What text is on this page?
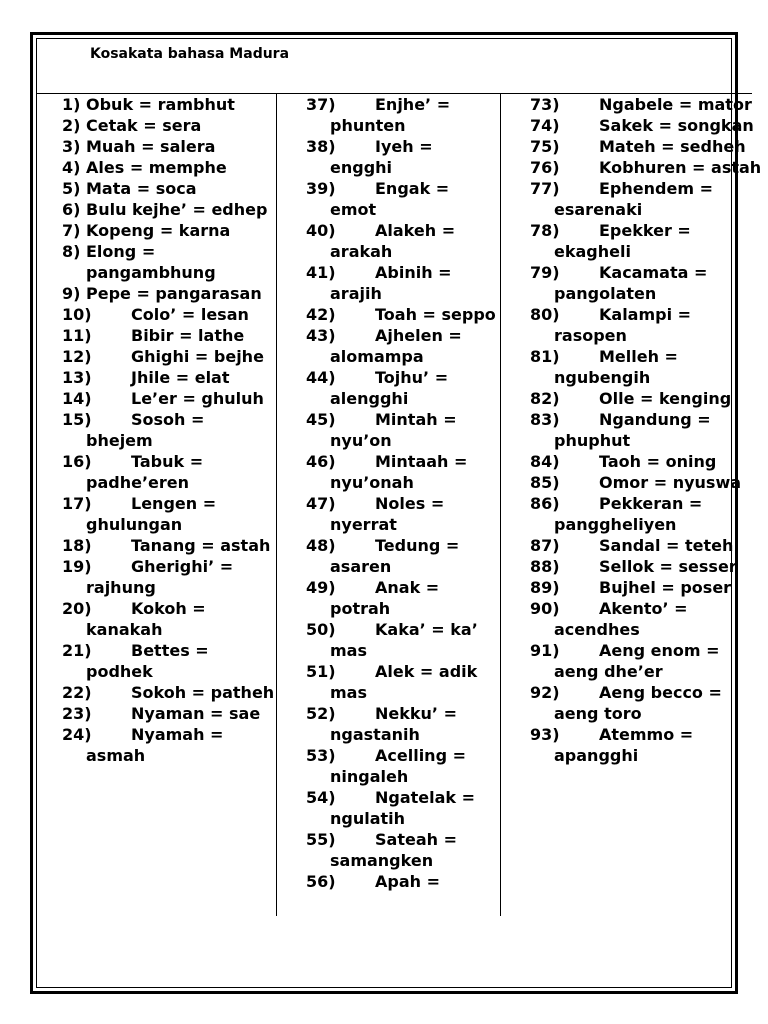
Kosakata bahasa Madura
1) Obuk = rambhut
2) Cetak = sera
3) Muah = salera
4) Ales = memphe
5) Mata = soca
6) Bulu kejhe’ = edhep
7) Kopeng = karna
8) Elong = pangambhung
9) Pepe = pangarasan
10)	Colo’ = lesan
11)	Bibir = lathe
12)	Ghighi = bejhe
13)	Jhile = elat
14)	Le’er = ghuluh
15)	Sosoh = bhejem
16)	Tabuk = padhe’eren
17)	Lengen = ghulungan
18)	Tanang = astah
19)	Gherighi’ = rajhung
20)	Kokoh = kanakah
21)	Bettes = podhek
22)	Sokoh = patheh
23)	Nyaman = sae
24)	Nyamah = asmah
37)	Enjhe’ = phunten
38)	Iyeh = engghi
39)	Engak = emot
40)	Alakeh = arakah
41)	Abinih = arajih
42)	Toah = seppo
43)	Ajhelen = alomampa
44)	Tojhu’ = alengghi
45)	Mintah = nyu’on
46)	Mintaah = nyu’onah
47)	Noles = nyerrat
48)	Tedung = asaren
49)	Anak = potrah
50)	Kaka’ = ka’ mas
51)	Alek = adik mas
52)	Nekku’ = ngastanih
53)	Acelling = ningaleh
54)	Ngatelak = ngulatih
55)	Sateah = samangken
56)	Apah =
73)	Ngabele = mator
74)	Sakek = songkan
75)	Mateh = sedheh
76)	Kobhuren = astah
77)	Ephendem = esarenaki
78)	Epekker = ekagheli
79)	Kacamata = pangolaten
80)	Kalampi = rasopen
81)	Melleh = ngubengih
82)	Olle = kenging
83)	Ngandung = phuphut
84)	Taoh = oning
85)	Omor = nyuswa
86)	Pekkeran = pangghеliyen
87)	Sandal = teteh
88)	Sellok = sesser
89)	Bujhel = poser
90)	Akento’ = acendhes
91)	Aeng enom = aeng dhe’er
92)	Aeng becco = aeng toro
93)	Atemmo = apangghi
